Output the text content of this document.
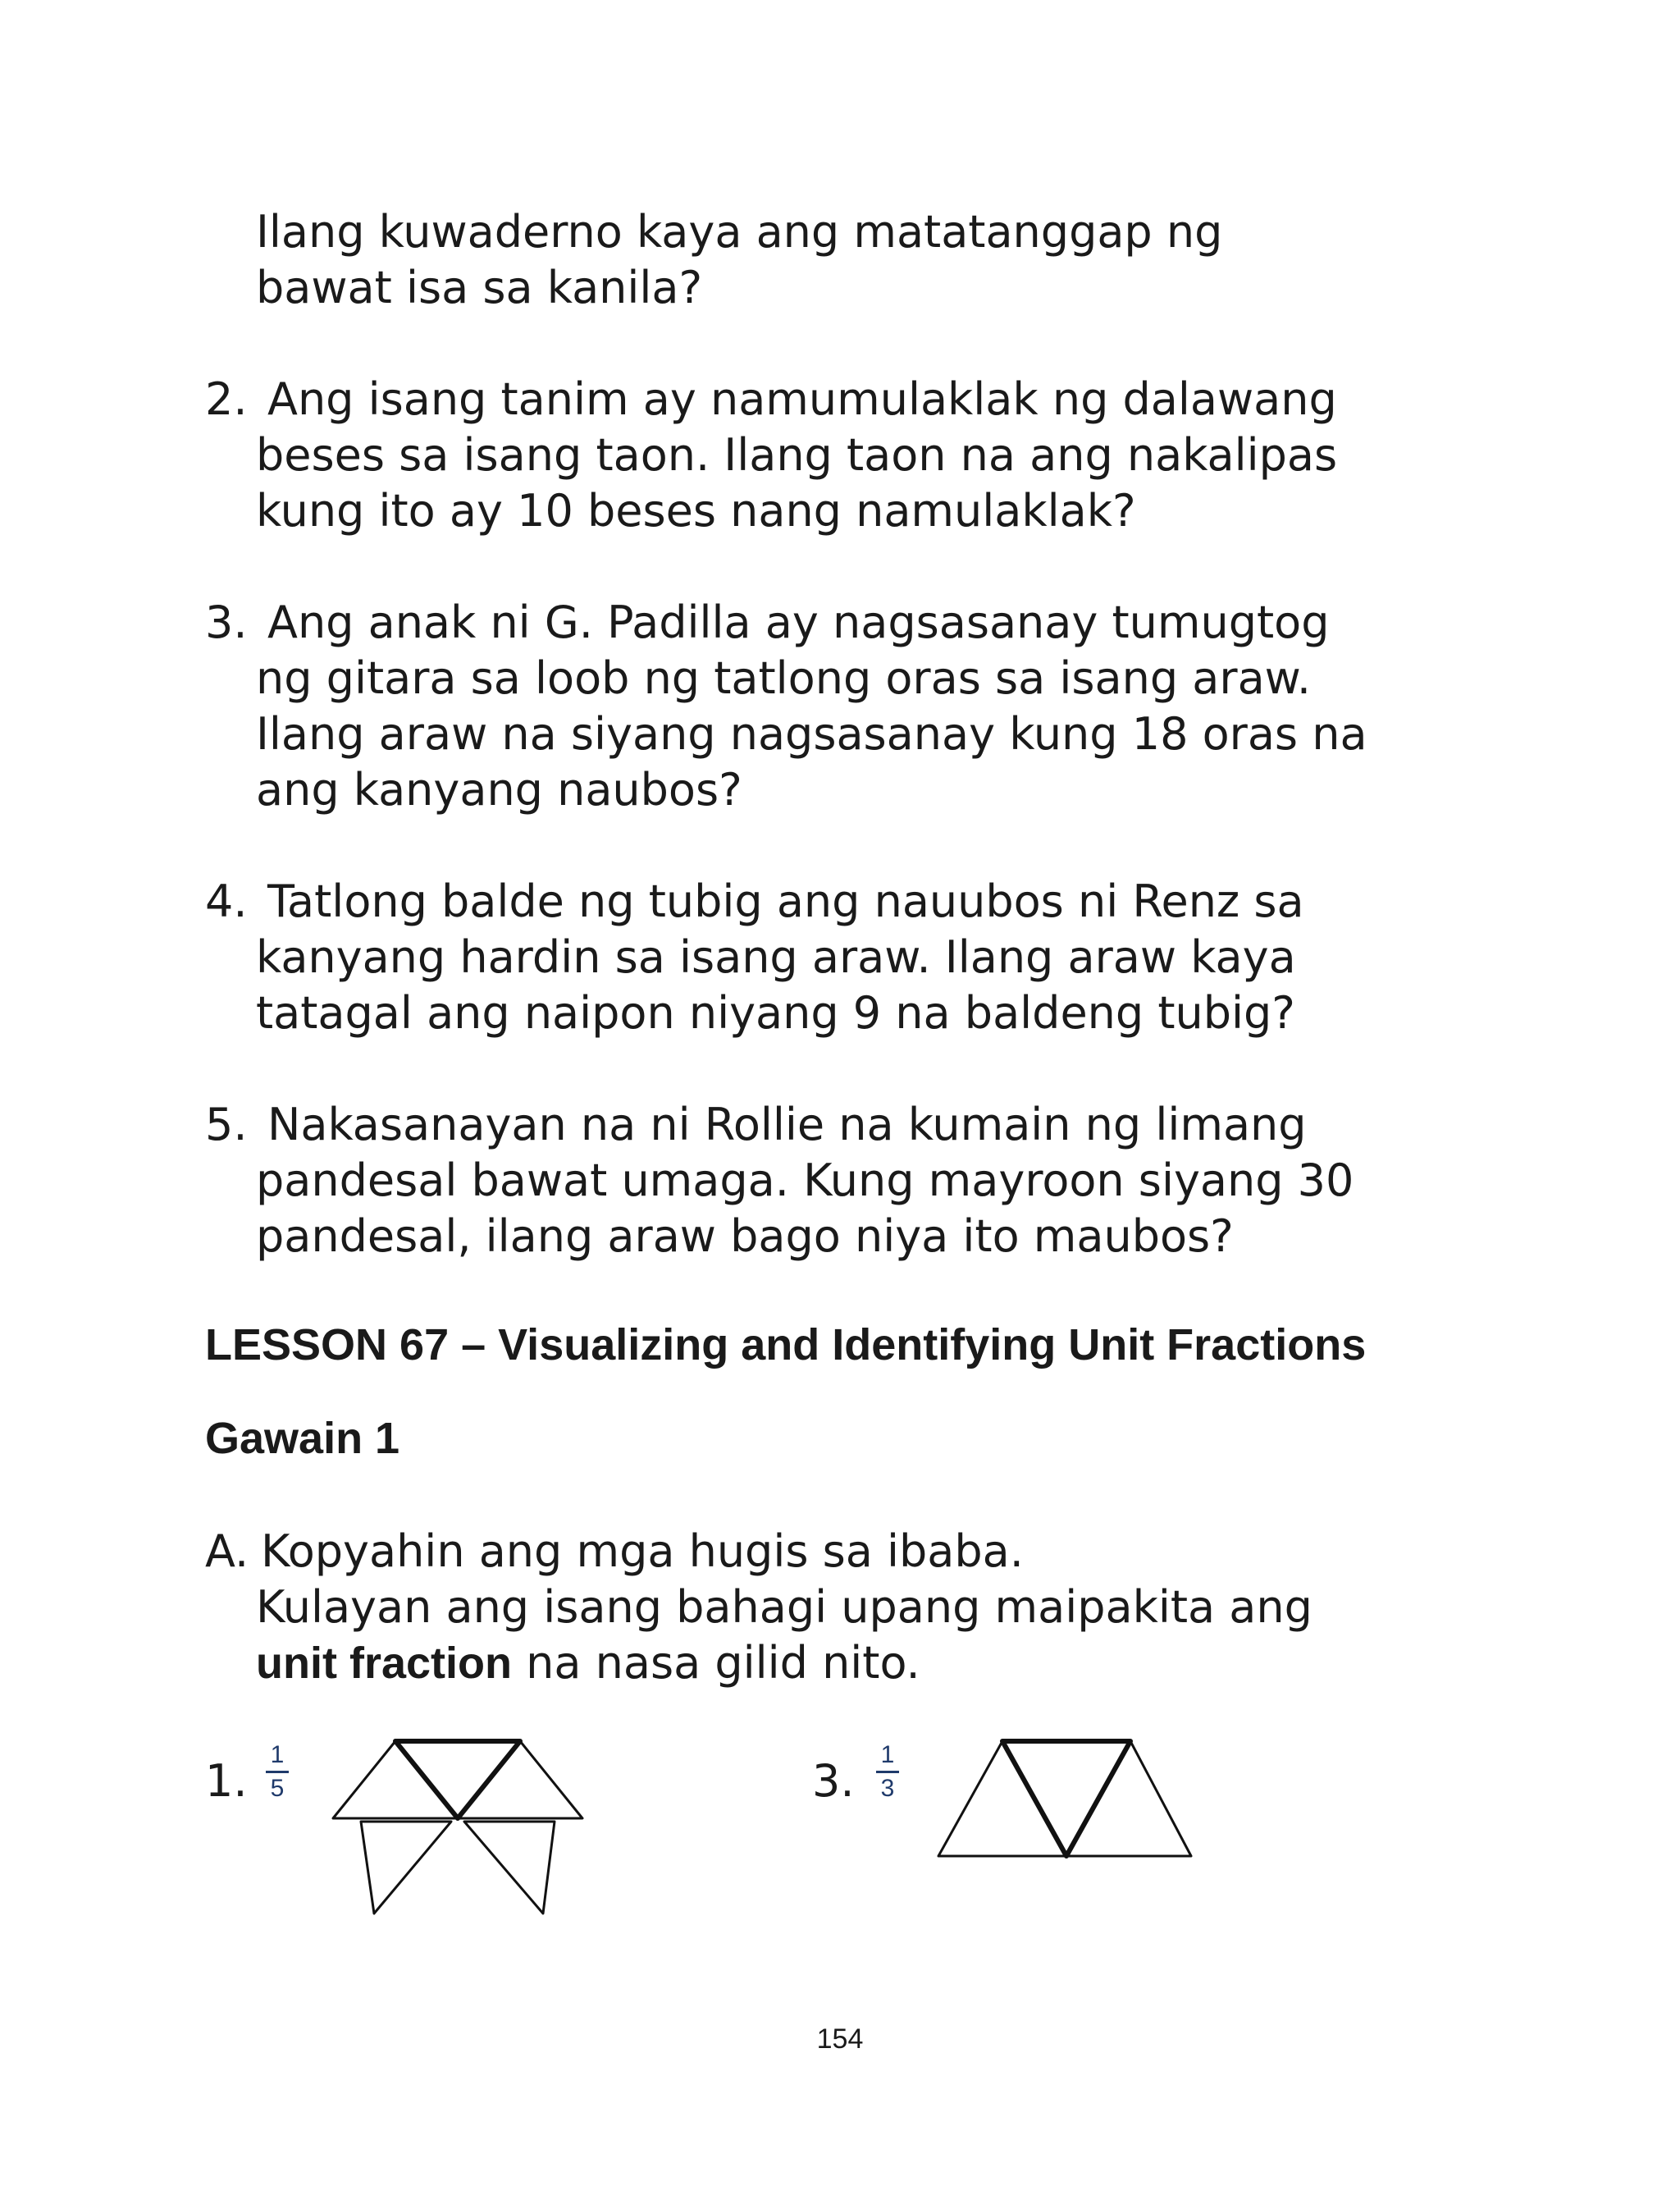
Ilang kuwaderno kaya ang matatanggap ng

bawat isa sa kanila?

2. Ang isang tanim ay namumulaklak ng dalawang

beses sa isang taon. Ilang taon na ang nakalipas

kung ito ay 10 beses nang namulaklak?

3. Ang anak ni G. Padilla ay nagsasanay tumugtog

ng gitara sa loob ng tatlong oras sa isang araw.

Ilang araw na siyang nagsasanay kung 18 oras na

ang kanyang naubos?

4. Tatlong balde ng tubig ang nauubos ni Renz sa

kanyang hardin sa isang araw. Ilang araw kaya

tatagal ang naipon niyang 9 na baldeng tubig?

5. Nakasanayan na ni Rollie na kumain ng limang

pandesal bawat umaga. Kung mayroon siyang 30

pandesal, ilang araw bago niya ito maubos?

LESSON 67 – Visualizing and Identifying Unit Fractions

Gawain 1

A. Kopyahin ang mga hugis sa ibaba.

Kulayan ang isang bahagi upang maipakita ang

unit fraction na nasa gilid nito.

1.

1
5	3.

1
3
154
